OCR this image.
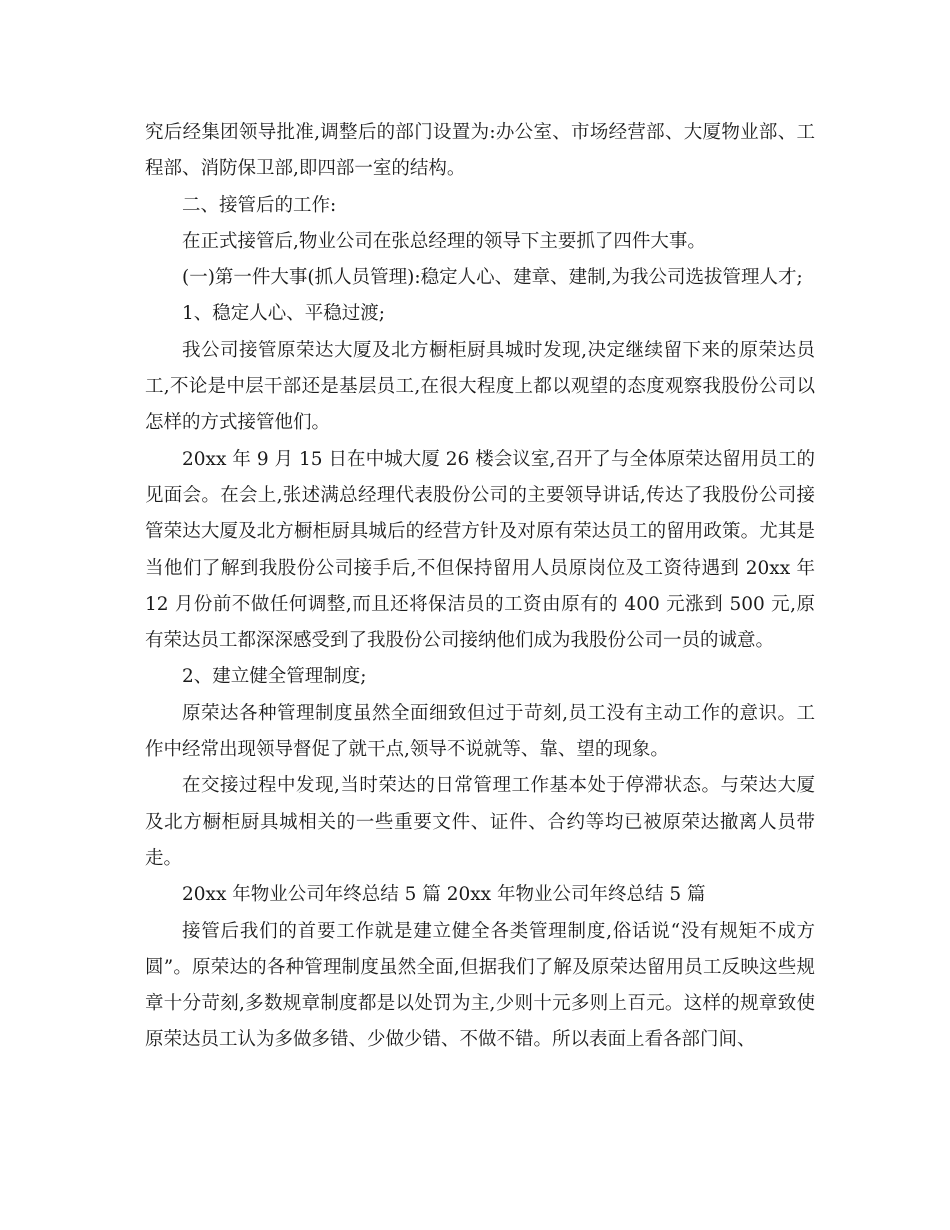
究后经集团领导批准,调整后的部门设置为:办公室、市场经营部、大厦物业部、工程部、消防保卫部,即四部一室的结构。

二、接管后的工作:

在正式接管后,物业公司在张总经理的领导下主要抓了四件大事。

(一)第一件大事(抓人员管理):稳定人心、建章、建制,为我公司选拔管理人才;

1、稳定人心、平稳过渡;

我公司接管原荣达大厦及北方橱柜厨具城时发现,决定继续留下来的原荣达员工,不论是中层干部还是基层员工,在很大程度上都以观望的态度观察我股份公司以怎样的方式接管他们。

20xx 年 9 月 15 日在中城大厦 26 楼会议室,召开了与全体原荣达留用员工的见面会。在会上,张述满总经理代表股份公司的主要领导讲话,传达了我股份公司接管荣达大厦及北方橱柜厨具城后的经营方针及对原有荣达员工的留用政策。尤其是当他们了解到我股份公司接手后,不但保持留用人员原岗位及工资待遇到 20xx 年 12 月份前不做任何调整,而且还将保洁员的工资由原有的 400 元涨到 500 元,原有荣达员工都深深感受到了我股份公司接纳他们成为我股份公司一员的诚意。

2、建立健全管理制度;

原荣达各种管理制度虽然全面细致但过于苛刻,员工没有主动工作的意识。工作中经常出现领导督促了就干点,领导不说就等、靠、望的现象。

在交接过程中发现,当时荣达的日常管理工作基本处于停滞状态。与荣达大厦及北方橱柜厨具城相关的一些重要文件、证件、合约等均已被原荣达撤离人员带走。

20xx 年物业公司年终总结 5 篇 20xx 年物业公司年终总结 5 篇

接管后我们的首要工作就是建立健全各类管理制度,俗话说“没有规矩不成方圆”。原荣达的各种管理制度虽然全面,但据我们了解及原荣达留用员工反映这些规章十分苛刻,多数规章制度都是以处罚为主,少则十元多则上百元。这样的规章致使原荣达员工认为多做多错、少做少错、不做不错。所以表面上看各部门间、
